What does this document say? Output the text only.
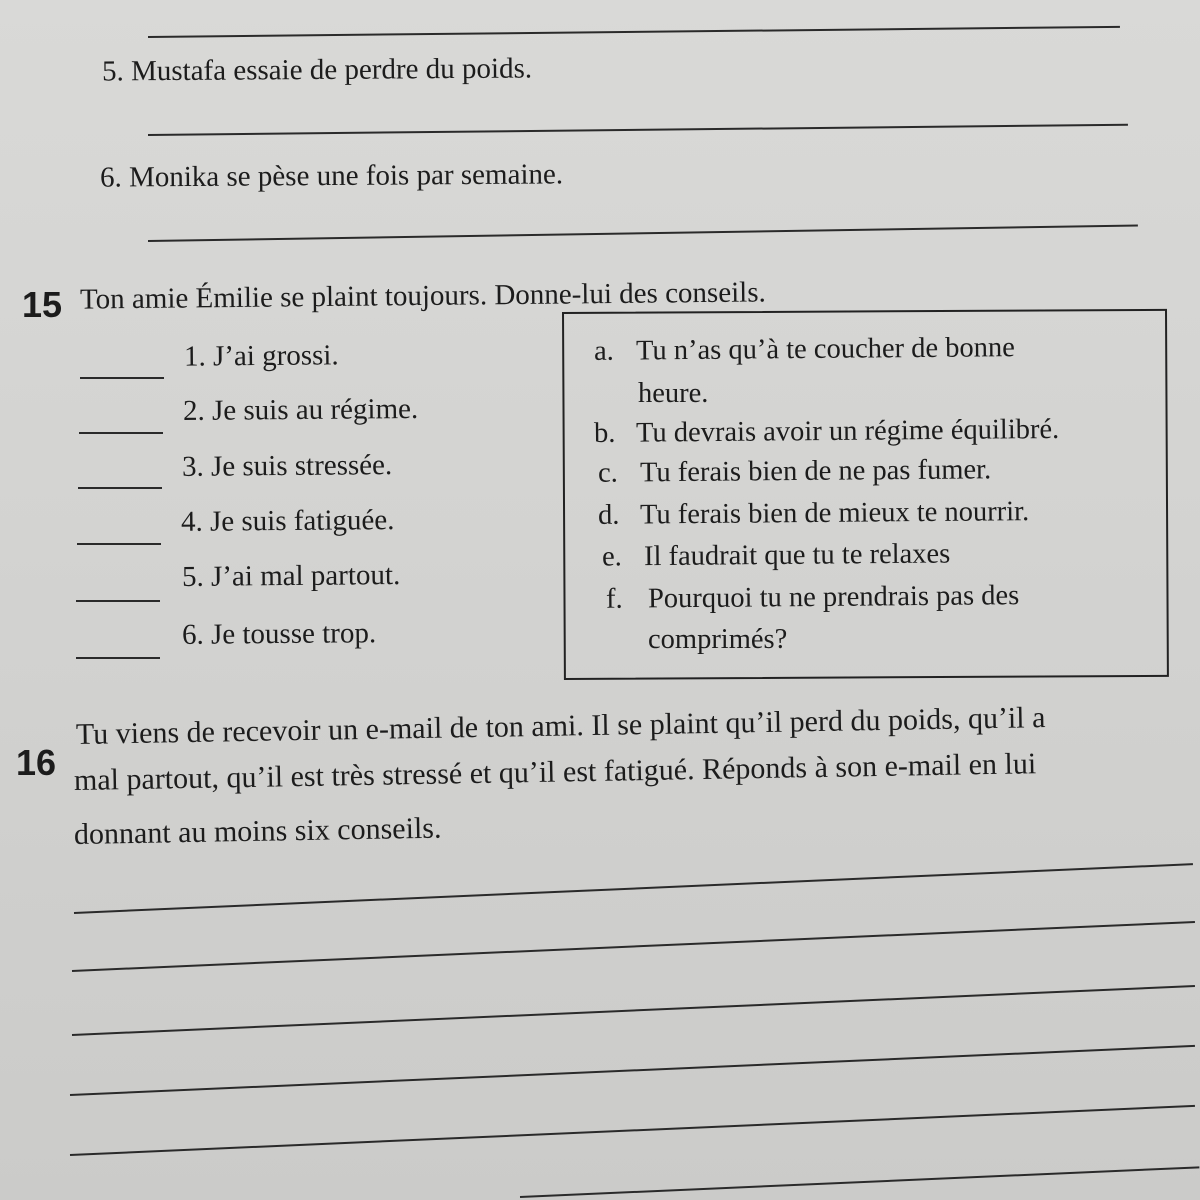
5. Mustafa essaie de perdre du poids.
6. Monika se pèse une fois par semaine.
15 Ton amie Émilie se plaint toujours. Donne-lui des conseils.
1. J’ai grossi.
2. Je suis au régime.
3. Je suis stressée.
4. Je suis fatiguée.
5. J’ai mal partout.
6. Je tousse trop.
a. Tu n’as qu’à te coucher de bonne
heure.
b. Tu devrais avoir un régime équilibré.
c. Tu ferais bien de ne pas fumer.
d. Tu ferais bien de mieux te nourrir.
e. Il faudrait que tu te relaxes
f. Pourquoi tu ne prendrais pas des
comprimés?
16
Tu viens de recevoir un e-mail de ton ami. Il se plaint qu’il perd du poids, qu’il a
mal partout, qu’il est très stressé et qu’il est fatigué. Réponds à son e-mail en lui
donnant au moins six conseils.
